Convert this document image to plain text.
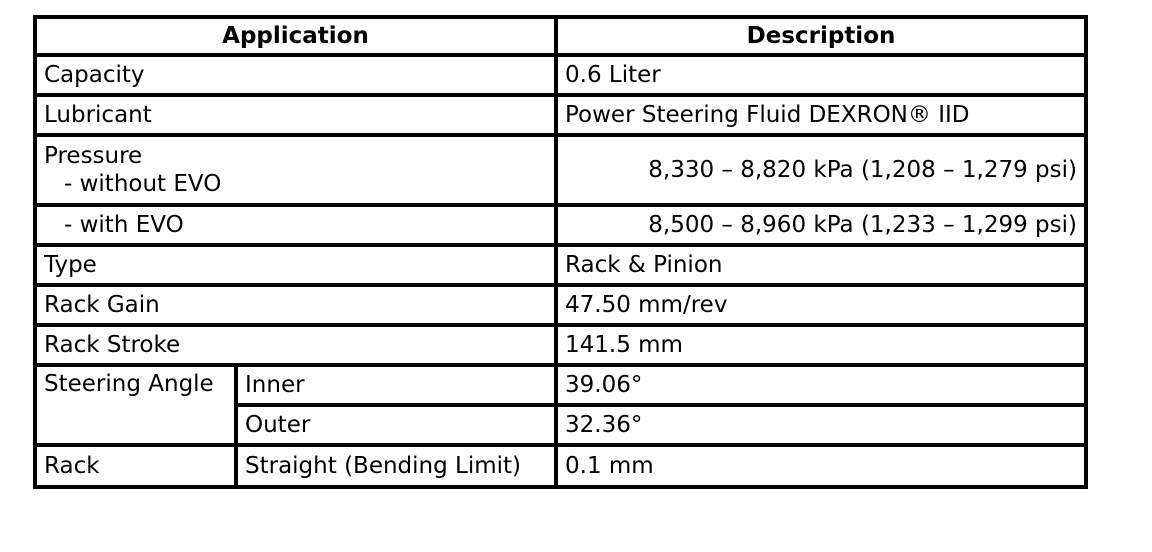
Application		Description
Capacity		0.6 Liter
Lubricant		Power Steering Fluid DEXRON® IID

Pressure
- without EVO		8,330 – 8,820 kPa (1,208 – 1,279 psi)

- with EVO		8,500 – 8,960 kPa (1,233 – 1,299 psi)
Type		Rack & Pinion
Rack Gain		47.50 mm/rev
Rack Stroke		141.5 mm
Steering Angle	Inner	39.06°
	Outer	32.36°
Rack	Straight (Bending Limit)	0.1 mm
